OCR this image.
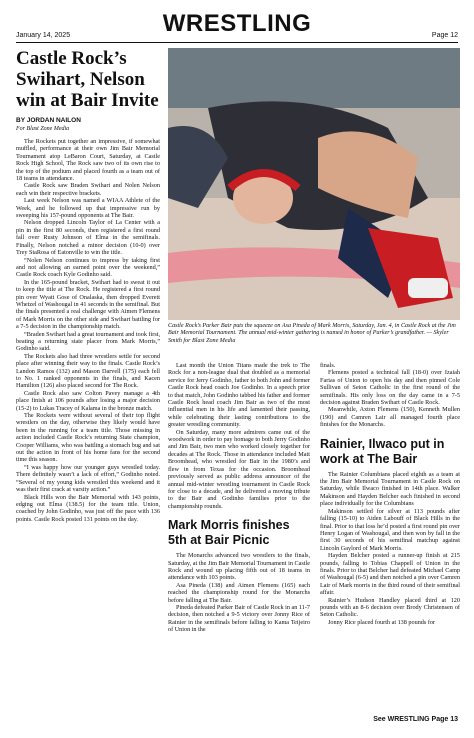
January 14, 2025	WRESTLING	Page 12
Castle Rock’s Swihart, Nelson win at Bair Invite
BY JORDAN NAILON
For Blast Zone Media

The Rockets put together an impressive, if somewhat muffled, performance at their own Jim Bair Memorial Tournament atop LeBaron Court, Saturday, at Castle Rock High School, The Rock saw two of its own rise to the top of the podium and placed fourth as a team out of 18 teams in attendance.

Castle Rock saw Braden Swihart and Nolen Nelson each win their respective brackets.

Last week Nelson was named a WIAA Athlete of the Week, and he followed up that impressive run by sweeping his 157-pound opponents at The Bair.

Nelson dropped Lincoln Taylor of La Center with a pin in the first 80 seconds, then registered a first round fall over Rusty Johnson of Elma in the semifinals. Finally, Nelson notched a minor decision (10-0) over Trey StaRosa of Eatonville to win the title.

“Nolen Nelson continues to impress by taking first and not allowing an earned point over the weekend,” Castle Rock coach Kyle Godinho said.

In the 165-pound bracket, Swihart had to sweat it out to keep the title at The Rock. He registered a first round pin over Wyatt Gose of Onalaska, then dropped Everett Whetzel of Washougal in 41 seconds in the semifinal. But the finals presented a real challenge with Aimen Flemens of Mark Morris on the other side and Swihart battling for a 7-5 decision in the championship match.

“Braden Swihart had a great tournament and took first, beating a returning state placer from Mark Morris,” Godinho said.

The Rockets also had three wrestlers settle for second place after winning their way to the finals. Castle Rock’s Landon Ramos (132) and Mason Darvell (175) each fell to No. 1 ranked opponents in the finals, and Kacen Hamilton (126) also placed second for The Rock.

Castle Rock also saw Colton Pavey manage a 4th place finish at 106 pounds after losing a major decision (15-2) to Lukas Tracey of Kalama in the bronze match.

The Rockets were without several of their top flight wrestlers on the day, otherwise they likely would have been in the running for a team title. Those missing in action included Castle Rock’s returning State champion, Cooper Williams, who was battling a stomach bug and sat out the action in front of his home fans for the second time this season.

“I was happy how our younger guys wrestled today. There definitely wasn’t a lack of effort,” Godinho noted. “Several of my young kids wrestled this weekend and it was their first crack at varsity action.”

Black Hills won the Bair Memorial with 143 points, edging out Elma (138.5) for the team title. Union, coached by John Godinho, was just off the pace with 136 points. Castle Rock posted 131 points on the day.

Castle Rock’s Parker Bair puts the squeeze on Asa Pineda of Mark Morris, Saturday, Jan. 4, in Castle Rock at the Jim Bair Memorial Tournament. The annual mid-winter gathering is named in honor of Parker’s grandfather. — Skyler Smith for Blast Zone Media

Last month the Union Titans made the trek to The Rock for a non-league dual that doubled as a memorial service for Jerry Godinho, father to both John and former Castle Rock head coach Joe Godinho. In a speech prior to that match, John Godinho tabbed his father and former Castle Rock head coach Jim Bair as two of the most influential men in his life and lamented their passing, while celebrating their lasting contributions to the greater wrestling community.

On Saturday, many more admirers came out of the woodwork in order to pay homage to both Jerry Godinho and Jim Bair, two men who worked closely together for decades at The Rock. Those in attendance included Matt Broomhead, who wrestled for Bair in the 1980’s and flew in from Texas for the occasion. Broomhead previously served as public address announcer of the annual mid-winter wrestling tournament in Castle Rock for close to a decade, and he delivered a moving tribute to the Bair and Godinho families prior to the championship rounds.

Mark Morris finishes 5th at Bair Picnic

The Monarchs advanced two wrestlers to the finals, Saturday, at the Jim Bair Memorial Tournament in Castle Rock and wound up placing fifth out of 18 teams in attendance with 103 points.

Asa Pineda (138) and Aimen Flemens (165) each reached the championship round for the Monarchs before falling at The Bair.

Pineda defeated Parker Bair of Castle Rock in an 11-7 decision, then notched a 9-5 victory over Jonny Rice of Rainier in the semifinals before falling to Kama Teijeiro of Union in the

finals.

Flemens posted a technical fall (18-0) over Izaiah Farias of Union to open his day and then pinned Cole Sullivan of Seton Catholic in the first round of the semifinals. His only loss on the day came in a 7-5 decision against Braden Swihart of Castle Rock.

Meanwhile, Axton Flemens (150), Kenneth Mullen (190) and Camren Lair all managed fourth place finishes for the Monarchs.

Rainier, Ilwaco put in work at The Bair

The Rainier Columbians placed eighth as a team at the Jim Bair Memorial Tournament in Castle Rock on Saturday, while Ilwaco finished in 14th place. Walker Makinson and Hayden Belcher each finished in second place individually for the Columbians

Makinson settled for silver at 113 pounds after falling (15-10) to Aiden Labouff of Black Hills in the final. Prior to that loss he’d posted a first round pin over Henry Logan of Washougal, and then won by fall in the first 30 seconds of his semifinal matchup against Lincoln Gaylord of Mark Morris.

Hayden Belcher posted a runner-up finish at 215 pounds, falling to Tobias Chappell of Union in the finals. Prior to that Belcher had defeated Michael Camp of Washougal (6-5) and then notched a pin over Camren Lair of Mark morris in the third round of their semifinal affair.

Rainier’s Hudson Handley placed third at 120 pounds with an 8-6 decision over Brody Christensen of Seton Catholic.

Jonny Rice placed fourth at 138 pounds for

See WRESTLING Page 13
